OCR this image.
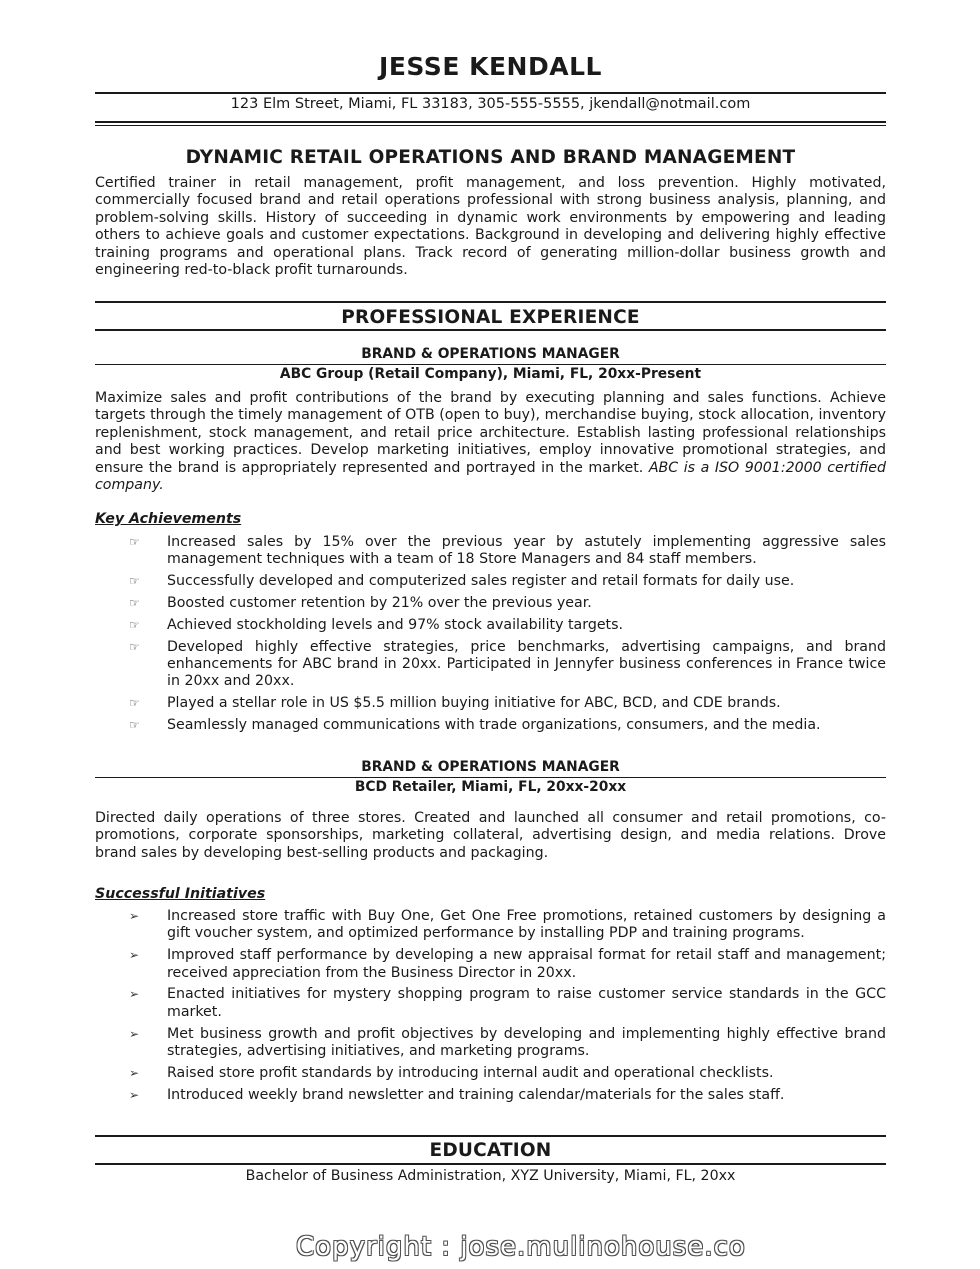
JESSE KENDALL

123 Elm Street, Miami, FL 33183, 305-555-5555, jkendall@notmail.com

DYNAMIC RETAIL OPERATIONS AND BRAND MANAGEMENT

Certified trainer in retail management, profit management, and loss prevention. Highly motivated, commercially focused brand and retail operations professional with strong business analysis, planning, and problem-solving skills. History of succeeding in dynamic work environments by empowering and leading others to achieve goals and customer expectations. Background in developing and delivering highly effective training programs and operational plans. Track record of generating million-dollar business growth and engineering red-to-black profit turnarounds.

PROFESSIONAL EXPERIENCE

BRAND & OPERATIONS MANAGER

ABC Group (Retail Company), Miami, FL, 20xx-Present

Maximize sales and profit contributions of the brand by executing planning and sales functions. Achieve targets through the timely management of OTB (open to buy), merchandise buying, stock allocation, inventory replenishment, stock management, and retail price architecture. Establish lasting professional relationships and best working practices. Develop marketing initiatives, employ innovative promotional strategies, and ensure the brand is appropriately represented and portrayed in the market. ABC is a ISO 9001:2000 certified company.

Key Achievements

☞ Increased sales by 15% over the previous year by astutely implementing aggressive sales management techniques with a team of 18 Store Managers and 84 staff members.
☞ Successfully developed and computerized sales register and retail formats for daily use.
☞ Boosted customer retention by 21% over the previous year.
☞ Achieved stockholding levels and 97% stock availability targets.
☞ Developed highly effective strategies, price benchmarks, advertising campaigns, and brand enhancements for ABC brand in 20xx. Participated in Jennyfer business conferences in France twice in 20xx and 20xx.
☞ Played a stellar role in US $5.5 million buying initiative for ABC, BCD, and CDE brands.
☞ Seamlessly managed communications with trade organizations, consumers, and the media.

BRAND & OPERATIONS MANAGER

BCD Retailer, Miami, FL, 20xx-20xx

Directed daily operations of three stores. Created and launched all consumer and retail promotions, co-promotions, corporate sponsorships, marketing collateral, advertising design, and media relations. Drove brand sales by developing best-selling products and packaging.

Successful Initiatives

➢ Increased store traffic with Buy One, Get One Free promotions, retained customers by designing a gift voucher system, and optimized performance by installing PDP and training programs.
➢ Improved staff performance by developing a new appraisal format for retail staff and management; received appreciation from the Business Director in 20xx.
➢ Enacted initiatives for mystery shopping program to raise customer service standards in the GCC market.
➢ Met business growth and profit objectives by developing and implementing highly effective brand strategies, advertising initiatives, and marketing programs.
➢ Raised store profit standards by introducing internal audit and operational checklists.
➢ Introduced weekly brand newsletter and training calendar/materials for the sales staff.
EDUCATION

Bachelor of Business Administration, XYZ University, Miami, FL, 20xx

Copyright : jose.mulinohouse.co
